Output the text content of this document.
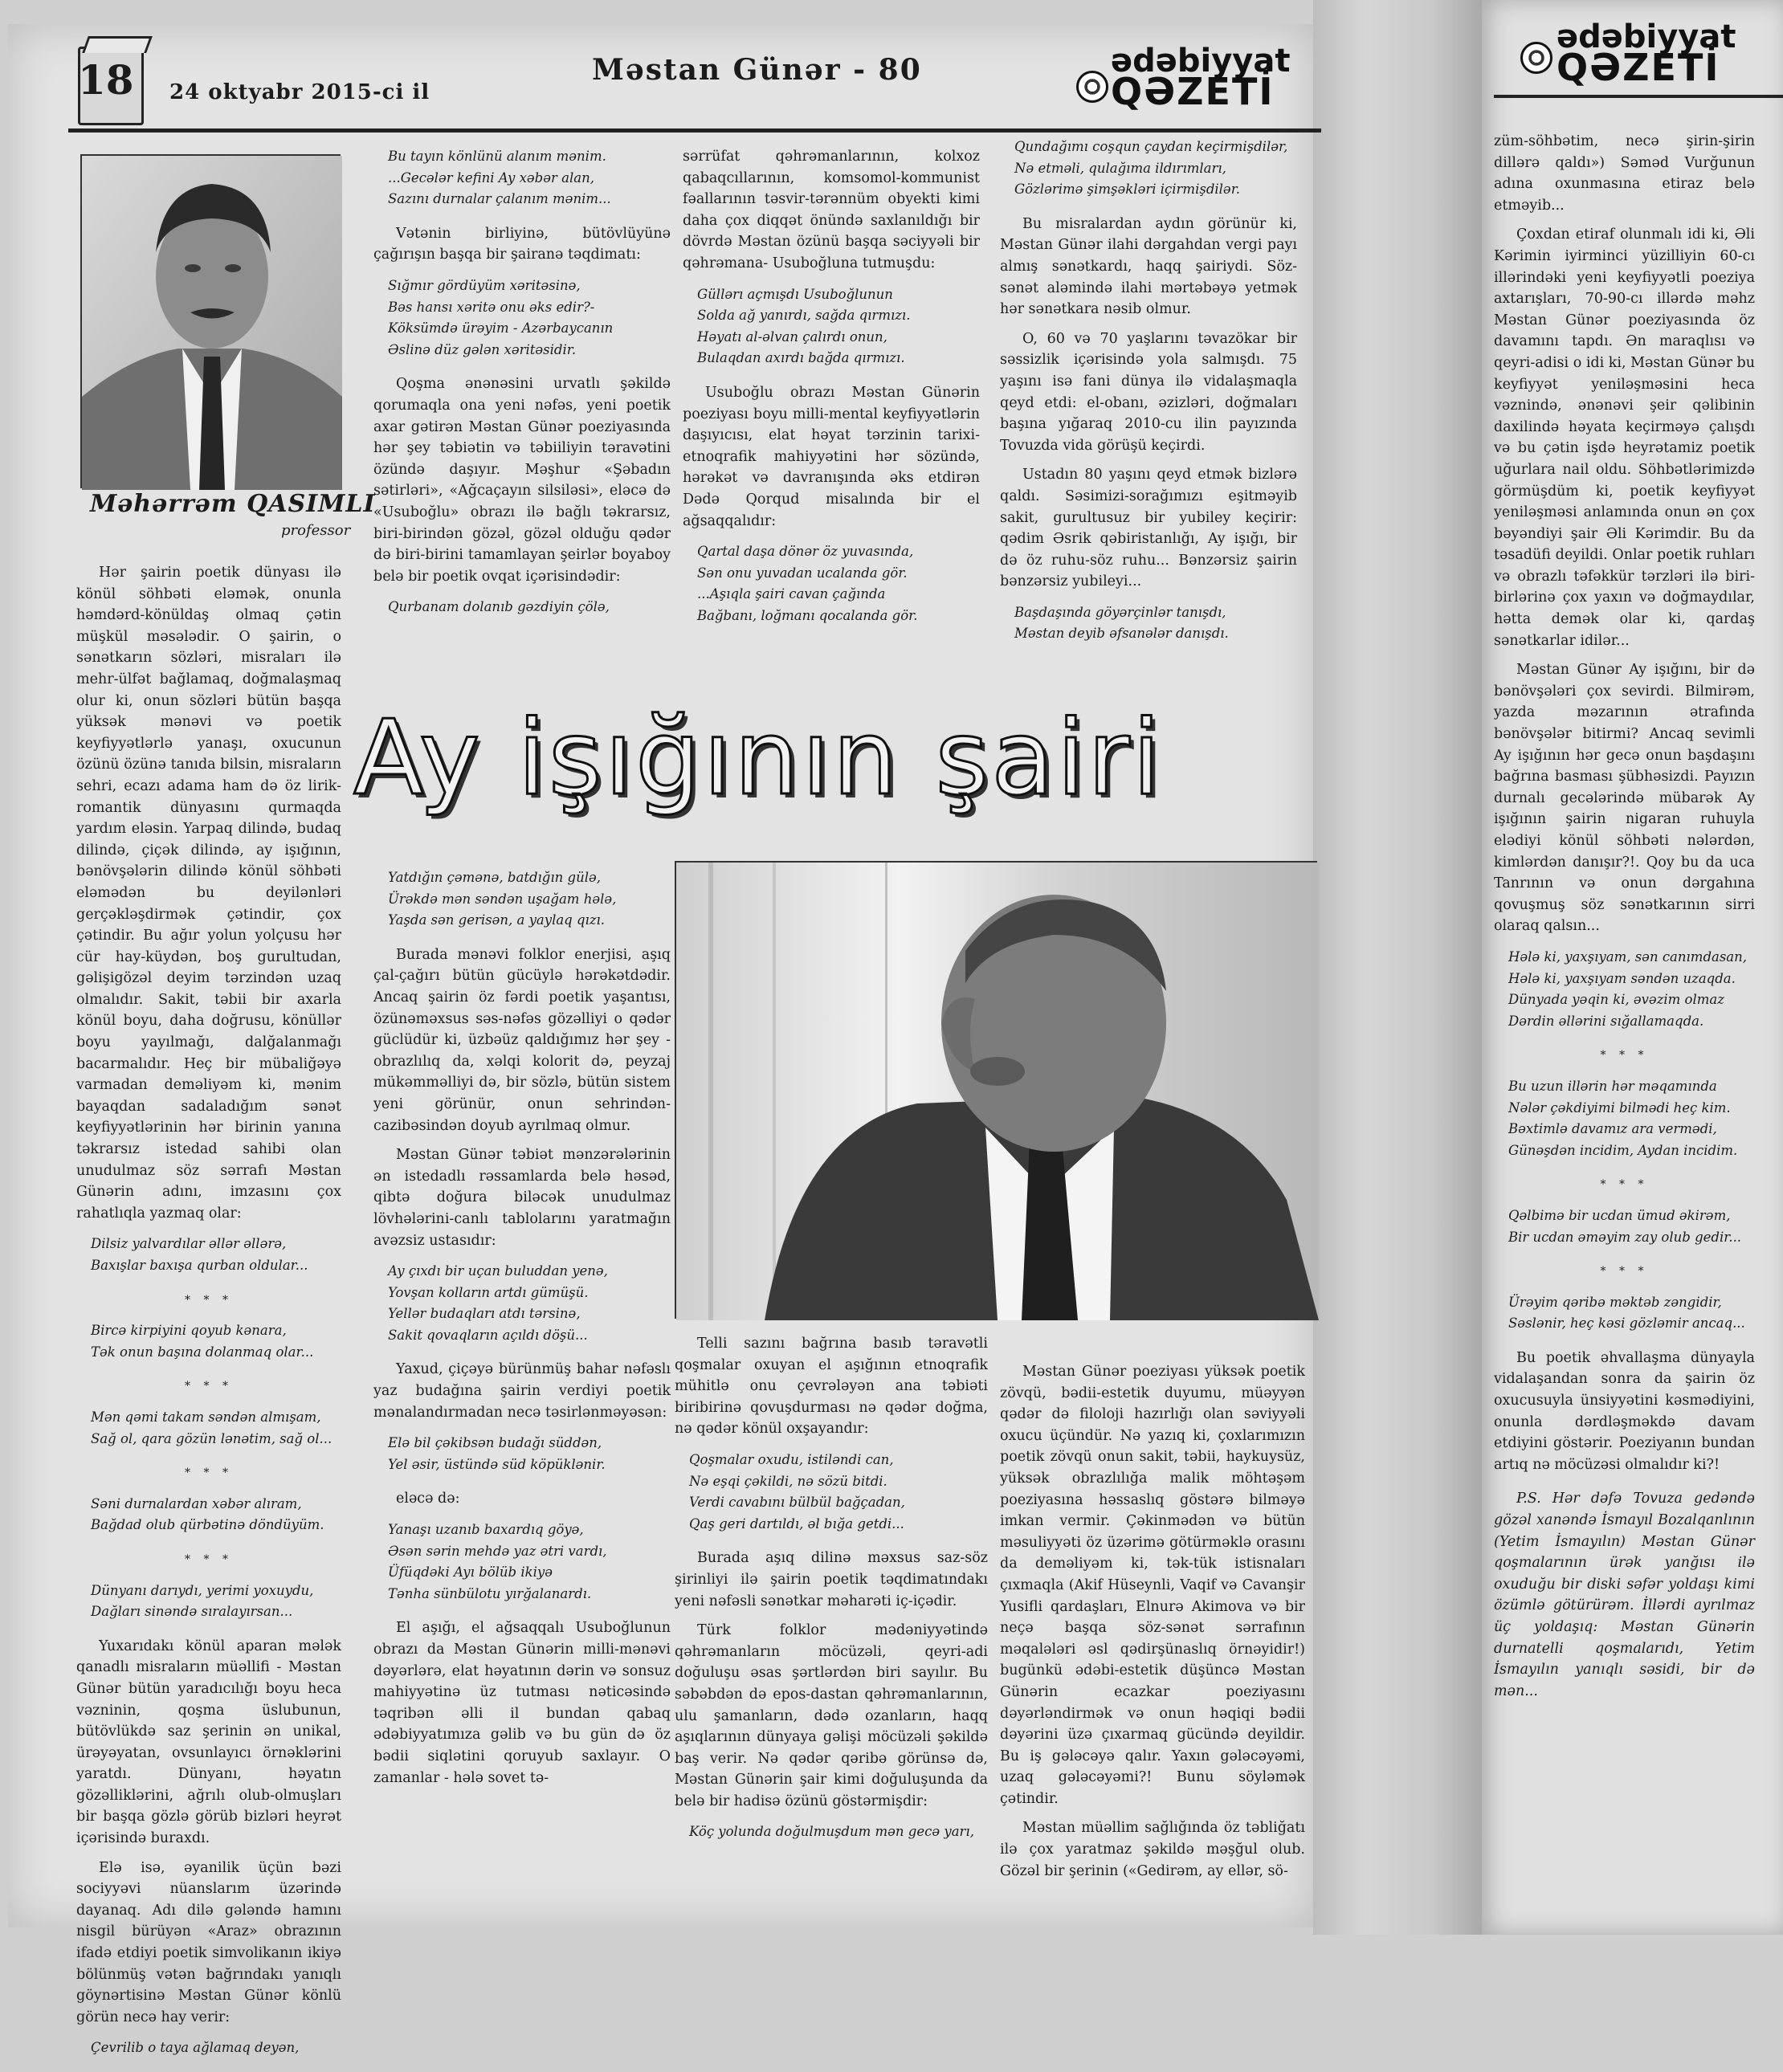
18 24 oktyabr 2015-ci il
Məstan Günər - 80	ədəbiyyat
QƏZETİ
ədəbiyyat
QƏZETİ
Məhərrəm QASIMLI
professor

Hər şairin poetik dünyası ilə könül söhbəti eləmək, onunla həmdərd-könüldaş olmaq çətin müşkül məsələdir. O şairin, o sənətkarın sözləri, misraları ilə mehr-ülfət bağlamaq, doğmalaşmaq olur ki, onun sözləri bütün başqa yüksək mənəvi və poetik keyfiyyətlərlə yanaşı, oxucunun özünü özünə tanıda bilsin, misraların sehri, ecazı adama ham də öz lirik-romantik dünyasını qurmaqda yardım eləsin. Yarpaq dilində, budaq dilində, çiçək dilində, ay işığının, bənövşələrin dilində könül söhbəti eləmədən bu deyilənləri gerçəkləşdirmək çətindir, çox çətindir. Bu ağır yolun yolçusu hər cür hay-küydən, boş gurultudan, gəlişigözəl deyim tərzindən uzaq olmalıdır. Sakit, təbii bir axarla könül boyu, daha doğrusu, könüllər boyu yayılmağı, dalğalanmağı bacarmalıdır. Heç bir mübaliğəyə varmadan deməliyəm ki, mənim bayaqdan sadaladığım sənət keyfiyyətlərinin hər birinin yanına təkrarsız istedad sahibi olan unudulmaz söz sərrafı Məstan Günərin adını, imzasını çox rahatlıqla yazmaq olar:

Dilsiz yalvardılar əllər əllərə,
Baxışlar baxışa qurban oldular...
* * *
Bircə kirpiyini qoyub kənara,
Tək onun başına dolanmaq olar...
* * *
Mən qəmi takam səndən almışam,
Sağ ol, qara gözün lənətim, sağ ol...
* * *
Səni durnalardan xəbər alıram,
Bağdad olub qürbətinə döndüyüm.
* * *
Dünyanı darıydı, yerimi yoxuydu,
Dağları sinəndə sıralayırsan...

Yuxarıdakı könül aparan mələk qanadlı misraların müəllifi - Məstan Günər bütün yaradıcılığı boyu heca vəzninin, qoşma üslubunun, bütövlükdə saz şerinin ən unikal, ürəyəyatan, ovsunlayıcı örnəklərini yaratdı. Dünyanı, həyatın gözəlliklərini, ağrılı olub-olmuşları bir başqa gözlə görüb bizləri heyrət içərisində buraxdı.

Elə isə, əyanilik üçün bəzi sociyyəvi nüanslarım üzərində dayanaq. Adı dilə gələndə hamını nisgil bürüyən «Araz» obrazının ifadə etdiyi poetik simvolikanın ikiyə bölünmüş vətən bağrındakı yanıqlı göynərtisinə Məstan Günər könlü görün necə hay verir:

Çevrilib o taya ağlamaq deyən,
Bu tayın könlünü alanım mənim.
...Gecələr kefini Ay xəbər alan,
Sazını durnalar çalanım mənim...

Vətənin birliyinə, bütövlüyünə çağırışın başqa bir şairanə təqdimatı:

Sığmır gördüyüm xəritəsinə,
Bəs hansı xəritə onu əks edir?-
Köksümdə ürəyim - Azərbaycanın
Əslinə düz gələn xəritəsidir.

Qoşma ənənəsini urvatlı şəkildə qorumaqla ona yeni nəfəs, yeni poetik axar gətirən Məstan Günər poeziyasında hər şey təbiətin və təbiiliyin təravətini özündə daşıyır. Məşhur «Şəbadın sətirləri», «Ağcaçayın silsiləsi», eləcə də «Usuboğlu» obrazı ilə bağlı təkrarsız, biri-birindən gözəl, gözəl olduğu qədər də biri-birini tamamlayan şeirlər boyaboy belə bir poetik ovqat içərisindədir:

Qurbanam dolanıb gəzdiyin çölə,

sərrüfat qəhrəmanlarının, kolxoz qabaqcıllarının, komsomol-kommunist fəallarının təsvir-tərənnüm obyekti kimi daha çox diqqət önündə saxlanıldığı bir dövrdə Məstan özünü başqa səciyyəli bir qəhrəmana- Usuboğluna tutmuşdu:

Güllərı açmışdı Usuboğlunun
Solda ağ yanırdı, sağda qırmızı.
Həyatı al-əlvan çalırdı onun,
Bulaqdan axırdı bağda qırmızı.

Usuboğlu obrazı Məstan Günərin poeziyası boyu milli-mental keyfiyyətlərin daşıyıcısı, elat həyat tərzinin tarixi-etnoqrafik mahiyyətini hər sözündə, hərəkət və davranışında əks etdirən Dədə Qorqud misalında bir el ağsaqqalıdır:

Qartal daşa dönər öz yuvasında,
Sən onu yuvadan ucalanda gör.
...Aşıqla şairi cavan çağında
Bağbanı, loğmanı qocalanda gör.
Qundağımı coşqun çaydan keçirmişdilər,
Nə etməli, qulağıma ildırımları,
Gözlərimə şimşəkləri içirmişdilər.

Bu misralardan aydın görünür ki, Məstan Günər ilahi dərgahdan vergi payı almış sənətkardı, haqq şairiydi. Söz-sənət aləmində ilahi mərtəbəyə yetmək hər sənətkara nəsib olmur.

O, 60 və 70 yaşlarını təvazökar bir səssizlik içərisində yola salmışdı. 75 yaşını isə fani dünya ilə vidalaşmaqla qeyd etdi: el-obanı, əzizləri, doğmaları başına yığaraq 2010-cu ilin payızında Tovuzda vida görüşü keçirdi.

Ustadın 80 yaşını qeyd etmək bizlərə qaldı. Səsimizi-sorağımızı eşitməyib sakit, gurultusuz bir yubiley keçirir: qədim Əsrik qəbiristanlığı, Ay işığı, bir də öz ruhu-söz ruhu... Bənzərsiz şairin bənzərsiz yubileyi...

Başdaşında göyərçinlər tanışdı,
Məstan deyib əfsanələr danışdı.
Ay işığının şairi
Yatdığın çəmənə, batdığın gülə,
Ürəkdə mən səndən uşağam hələ,
Yaşda sən gerisən, a yaylaq qızı.

Burada mənəvi folklor enerjisi, aşıq çal-çağırı bütün gücüylə hərəkətdədir. Ancaq şairin öz fərdi poetik yaşantısı, özünəməxsus səs-nəfəs gözəlliyi o qədər güclüdür ki, üzbəüz qaldığımız hər şey - obrazlılıq da, xəlqi kolorit də, peyzaj mükəmməlliyi də, bir sözlə, bütün sistem yeni görünür, onun sehrindən-cazibəsindən doyub ayrılmaq olmur.

Məstan Günər təbiət mənzərələrinin ən istedadlı rəssamlarda belə həsəd, qibtə doğura biləcək unudulmaz lövhələrini-canlı tablolarını yaratmağın avəzsiz ustasıdır:

Ay çıxdı bir uçan buluddan yenə,
Yovşan kolların artdı gümüşü.
Yellər budaqları atdı tərsinə,
Sakit qovaqların açıldı döşü...

Yaxud, çiçəyə bürünmüş bahar nəfəslı yaz budağına şairin verdiyi poetik mənalandırmadan necə təsirlənməyəsən:

Elə bil çəkibsən budağı süddən,
Yel əsir, üstündə süd köpüklənir.

eləcə də:

Yanaşı uzanıb baxardıq göyə,
Əsən sərin mehdə yaz ətri vardı,
Üfüqdəki Ayı bölüb ikiyə
Tənha sünbülotu yırğalanardı.

El aşığı, el ağsaqqalı Usuboğlunun obrazı da Məstan Günərin milli-mənəvi dəyərlərə, elat həyatının dərin və sonsuz mahiyyətinə üz tutması nəticəsində təqribən əlli il bundan qabaq ədəbiyyatımıza gəlib və bu gün də öz bədii siqlətini qoruyub saxlayır. O zamanlar - hələ sovet tə-

Telli sazını bağrına basıb təravətli qoşmalar oxuyan el aşığının etnoqrafik mühitlə onu çevrələyən ana təbiəti biribirinə qovuşdurması nə qədər doğma, nə qədər könül oxşayandır:

Qoşmalar oxudu, istiləndi can,
Nə eşqi çəkildi, nə sözü bitdi.
Verdi cavabını bülbül bağçadan,
Qaş geri dartıldı, əl bığa getdi...

Burada aşıq dilinə məxsus saz-söz şirinliyi ilə şairin poetik təqdimatındakı yeni nəfəsli sənətkar məharəti iç-içədir.

Türk folklor mədəniyyətində qəhrəmanların möcüzəli, qeyri-adi doğuluşu əsas şərtlərdən biri sayılır. Bu səbəbdən də epos-dastan qəhrəmanlarının, ulu şamanların, dədə ozanların, haqq aşıqlarının dünyaya gəlişi möcüzəli şəkildə baş verir. Nə qədər qəribə görünsə də, Məstan Günərin şair kimi doğuluşunda da belə bir hadisə özünü göstərmişdir:

Köç yolunda doğulmuşdum mən gecə yarı,

Məstan Günər poeziyası yüksək poetik zövqü, bədii-estetik duyumu, müəyyən qədər də filoloji hazırlığı olan səviyyəli oxucu üçündür. Nə yazıq ki, çoxlarımızın poetik zövqü onun sakit, təbii, haykuysüz, yüksək obrazlılığa malik möhtəşəm poeziyasına həssaslıq göstərə bilməyə imkan vermir. Çəkinmədən və bütün məsuliyyəti öz üzərimə götürməklə orasını da deməliyəm ki, tək-tük istisnaları çıxmaqla (Akif Hüseynli, Vaqif və Cavanşir Yusifli qardaşları, Elnurə Akimova və bir neçə başqa söz-sənət sərrafının məqalələri əsl qədirşünaslıq örnəyidir!) bugünkü ədəbi-estetik düşüncə Məstan Günərin ecazkar poeziyasını dəyərləndirmək və onun həqiqi bədii dəyərini üzə çıxarmaq gücündə deyildir. Bu iş gələcəyə qalır. Yaxın gələcəyəmi, uzaq gələcəyəmi?! Bunu söyləmək çətindir.

Məstan müəllim sağlığında öz təbliğatı ilə çox yaratmaz şəkildə məşğul olub. Gözəl bir şerinin («Gedirəm, ay ellər, sö-

züm-söhbətim, necə şirin-şirin dillərə qaldı») Səməd Vurğunun adına oxunmasına etiraz belə etməyib...

Çoxdan etiraf olunmalı idi ki, Əli Kərimin iyirminci yüzilliyin 60-cı illərindəki yeni keyfiyyətli poeziya axtarışları, 70-90-cı illərdə məhz Məstan Günər poeziyasında öz davamını tapdı. Ən maraqlısı və qeyri-adisi o idi ki, Məstan Günər bu keyfiyyət yeniləşməsini heca vəznində, ənənəvi şeir qəlibinin daxilində həyata keçirməyə çalışdı və bu çətin işdə heyrətamiz poetik uğurlara nail oldu. Söhbətlərimizdə görmüşdüm ki, poetik keyfiyyət yeniləşməsi anlamında onun ən çox bəyəndiyi şair Əli Kərimdir. Bu da təsadüfi deyildi. Onlar poetik ruhları və obrazlı təfəkkür tərzləri ilə biri-birlərinə çox yaxın və doğmaydılar, hətta demək olar ki, qardaş sənətkarlar idilər...

Məstan Günər Ay işığını, bir də bənövşələri çox sevirdi. Bilmirəm, yazda məzarının ətrafında bənövşələr bitirmi? Ancaq sevimli Ay işığının hər gecə onun başdaşını bağrına basması şübhəsizdi. Payızın durnalı gecələrində mübarək Ay işığının şairin nigaran ruhuyla elədiyi könül söhbəti nələrdən, kimlərdən danışır?!. Qoy bu da uca Tanrının və onun dərgahına qovuşmuş söz sənətkarının sirri olaraq qalsın...

Hələ ki, yaxşıyam, sən canımdasan,
Hələ ki, yaxşıyam səndən uzaqda.
Dünyada yəqin ki, əvəzim olmaz
Dərdin əllərini sığallamaqda.
* * *
Bu uzun illərin hər məqamında
Nələr çəkdiyimi bilmədi heç kim.
Bəxtimlə davamız ara vermədi,
Günəşdən incidim, Aydan incidim.
* * *
Qəlbimə bir ucdan ümud əkirəm,
Bir ucdan əməyim zay olub gedir...
* * *
Ürəyim qəribə məktəb zəngidir,
Səslənir, heç kəsi gözləmir ancaq...

Bu poetik əhvallaşma dünyayla vidalaşandan sonra da şairin öz oxucusuyla ünsiyyətini kəsmədiyini, onunla dərdləşməkdə davam etdiyini göstərir. Poeziyanın bundan artıq nə möcüzəsi olmalıdır ki?!

P.S. Hər dəfə Tovuza gedəndə gözəl xanəndə İsmayıl Bozalqanlının (Yetim İsmayılın) Məstan Günər qoşmalarının ürək yanğısı ilə oxuduğu bir diski səfər yoldaşı kimi özümlə götürürəm. İllərdi ayrılmaz üç yoldaşıq: Məstan Günərin durnatelli qoşmalarıdı, Yetim İsmayılın yanıqlı səsidi, bir də mən...
